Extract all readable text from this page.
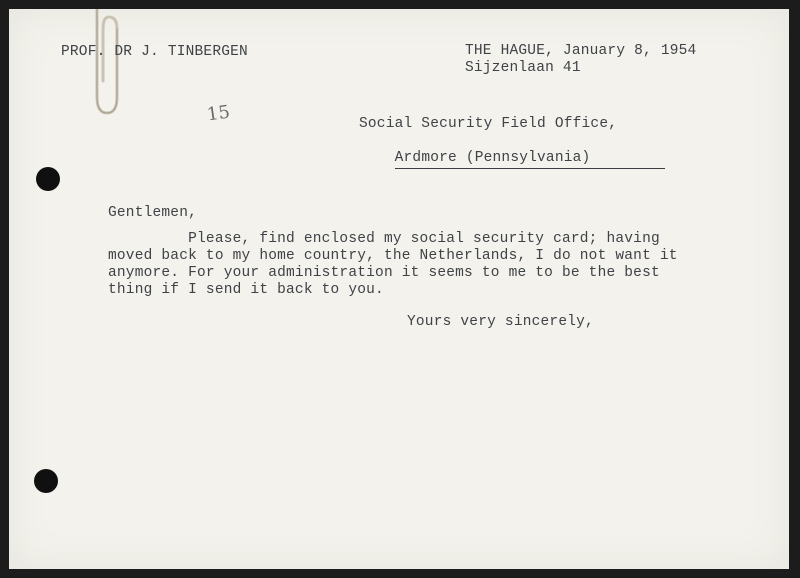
PROF. DR J. TINBERGEN	THE HAGUE, January 8, 1954
Sijzenlaan 41
15	Social Security Field Office,

Ardmore (Pennsylvania)

Gentlemen,
Please, find enclosed my social security card; having
moved back to my home country, the Netherlands, I do not want it
anymore. For your administration it seems to me to be the best
thing if I send it back to you.
Yours very sincerely,
